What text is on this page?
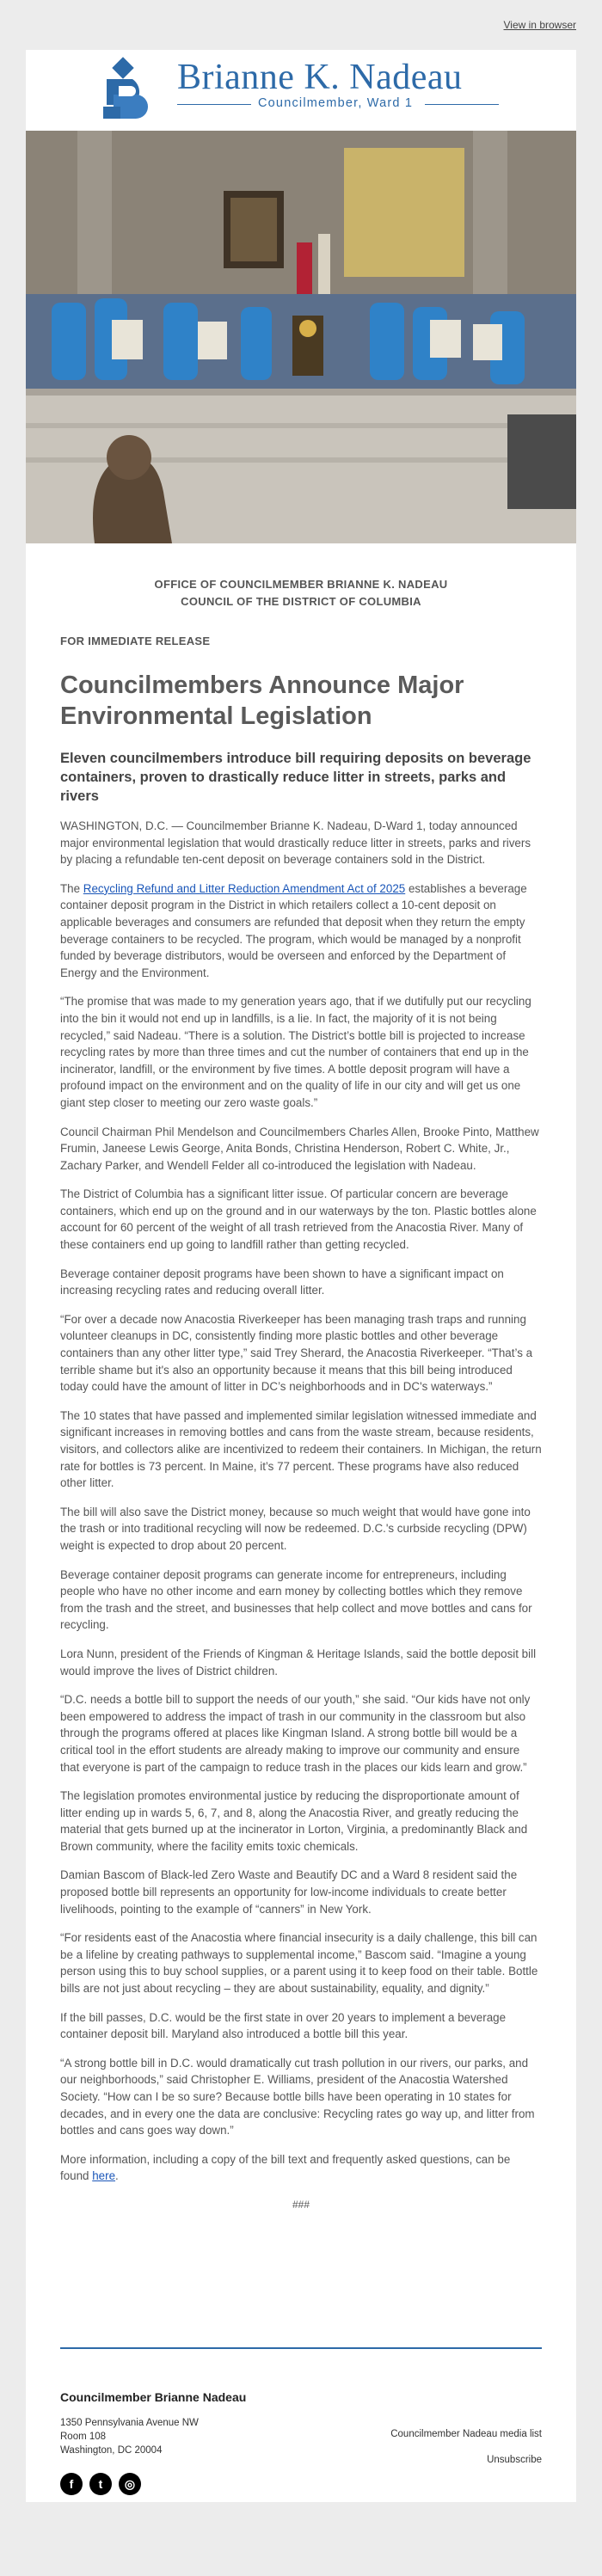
View in browser
Brianne K. Nadeau
Councilmember, Ward 1
OFFICE OF COUNCILMEMBER BRIANNE K. NADEAU
COUNCIL OF THE DISTRICT OF COLUMBIA
FOR IMMEDIATE RELEASE
Councilmembers Announce Major Environmental Legislation
Eleven councilmembers introduce bill requiring deposits on beverage containers, proven to drastically reduce litter in streets, parks and rivers

WASHINGTON, D.C. — Councilmember Brianne K. Nadeau, D-Ward 1, today announced major environmental legislation that would drastically reduce litter in streets, parks and rivers by placing a refundable ten-cent deposit on beverage containers sold in the District.

The Recycling Refund and Litter Reduction Amendment Act of 2025 establishes a beverage container deposit program in the District in which retailers collect a 10-cent deposit on applicable beverages and consumers are refunded that deposit when they return the empty beverage containers to be recycled. The program, which would be managed by a nonprofit funded by beverage distributors, would be overseen and enforced by the Department of Energy and the Environment.

“The promise that was made to my generation years ago, that if we dutifully put our recycling into the bin it would not end up in landfills, is a lie. In fact, the majority of it is not being recycled,” said Nadeau. “There is a solution. The District’s bottle bill is projected to increase recycling rates by more than three times and cut the number of containers that end up in the incinerator, landfill, or the environment by five times. A bottle deposit program will have a profound impact on the environment and on the quality of life in our city and will get us one giant step closer to meeting our zero waste goals.”

Council Chairman Phil Mendelson and Councilmembers Charles Allen, Brooke Pinto, Matthew Frumin, Janeese Lewis George, Anita Bonds, Christina Henderson, Robert C. White, Jr., Zachary Parker, and Wendell Felder all co-introduced the legislation with Nadeau.

The District of Columbia has a significant litter issue. Of particular concern are beverage containers, which end up on the ground and in our waterways by the ton. Plastic bottles alone account for 60 percent of the weight of all trash retrieved from the Anacostia River. Many of these containers end up going to landfill rather than getting recycled.

Beverage container deposit programs have been shown to have a significant impact on increasing recycling rates and reducing overall litter.

“For over a decade now Anacostia Riverkeeper has been managing trash traps and running volunteer cleanups in DC, consistently finding more plastic bottles and other beverage containers than any other litter type,” said Trey Sherard, the Anacostia Riverkeeper. “That’s a terrible shame but it's also an opportunity because it means that this bill being introduced today could have the amount of litter in DC’s neighborhoods and in DC's waterways.”

The 10 states that have passed and implemented similar legislation witnessed immediate and significant increases in removing bottles and cans from the waste stream, because residents, visitors, and collectors alike are incentivized to redeem their containers. In Michigan, the return rate for bottles is 73 percent. In Maine, it’s 77 percent. These programs have also reduced other litter.

The bill will also save the District money, because so much weight that would have gone into the trash or into traditional recycling will now be redeemed. D.C.'s curbside recycling (DPW) weight is expected to drop about 20 percent.

Beverage container deposit programs can generate income for entrepreneurs, including people who have no other income and earn money by collecting bottles which they remove from the trash and the street, and businesses that help collect and move bottles and cans for recycling.

Lora Nunn, president of the Friends of Kingman & Heritage Islands, said the bottle deposit bill would improve the lives of District children.

“D.C. needs a bottle bill to support the needs of our youth,” she said. “Our kids have not only been empowered to address the impact of trash in our community in the classroom but also through the programs offered at places like Kingman Island. A strong bottle bill would be a critical tool in the effort students are already making to improve our community and ensure that everyone is part of the campaign to reduce trash in the places our kids learn and grow.”

The legislation promotes environmental justice by reducing the disproportionate amount of litter ending up in wards 5, 6, 7, and 8, along the Anacostia River, and greatly reducing the material that gets burned up at the incinerator in Lorton, Virginia, a predominantly Black and Brown community, where the facility emits toxic chemicals.

Damian Bascom of Black-led Zero Waste and Beautify DC and a Ward 8 resident said the proposed bottle bill represents an opportunity for low-income individuals to create better livelihoods, pointing to the example of “canners” in New York.

“For residents east of the Anacostia where financial insecurity is a daily challenge, this bill can be a lifeline by creating pathways to supplemental income,” Bascom said. “Imagine a young person using this to buy school supplies, or a parent using it to keep food on their table. Bottle bills are not just about recycling – they are about sustainability, equality, and dignity.”

If the bill passes, D.C. would be the first state in over 20 years to implement a beverage container deposit bill. Maryland also introduced a bottle bill this year.

“A strong bottle bill in D.C. would dramatically cut trash pollution in our rivers, our parks, and our neighborhoods,” said Christopher E. Williams, president of the Anacostia Watershed Society. “How can I be so sure? Because bottle bills have been operating in 10 states for decades, and in every one the data are conclusive: Recycling rates go way up, and litter from bottles and cans goes way down.”

More information, including a copy of the bill text and frequently asked questions, can be found here.

###
Councilmember Brianne Nadeau
1350 Pennsylvania Avenue NW
Room 108
Washington, DC 20004
Councilmember Nadeau media list
Unsubscribe
f	t	◎
